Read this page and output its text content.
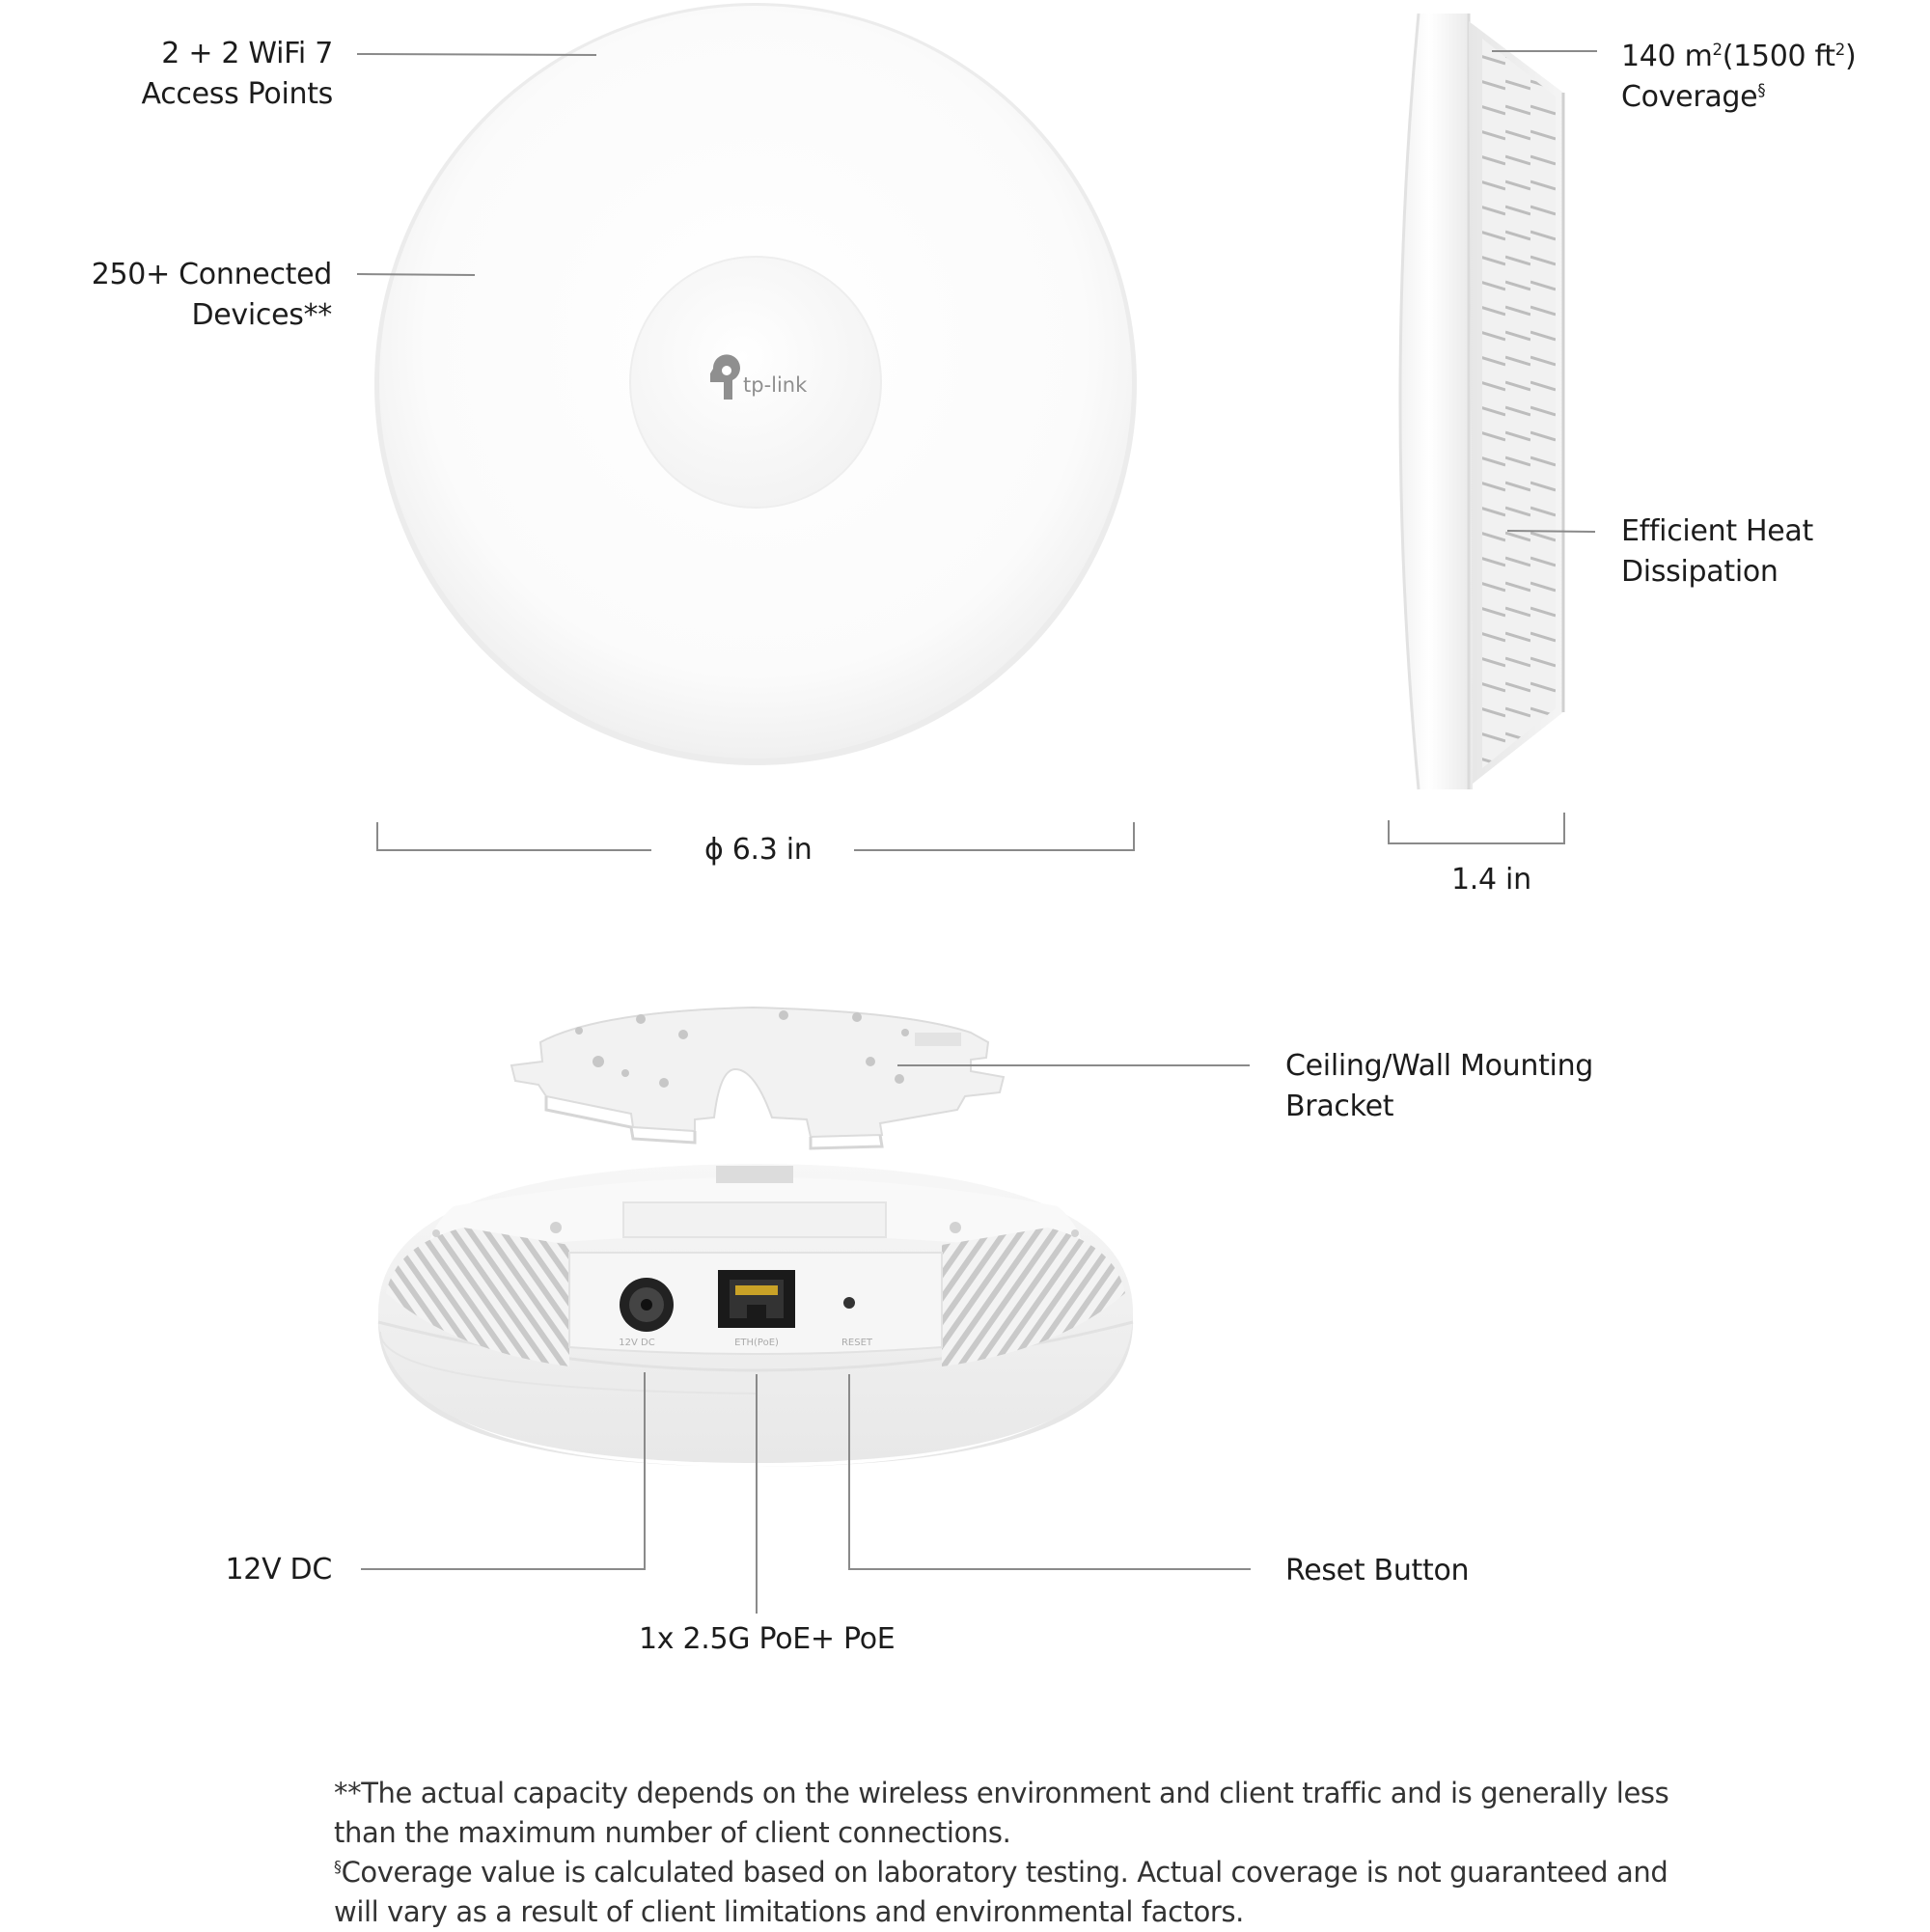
12V DC	ETH(PoE)	RESET
tp-link
2 + 2 WiFi 7
Access Points
250+ Connected
Devices**
140 $m^2(1500$ $ft^2$)
Coverage§
Efficient Heat
Dissipation
Ceiling/Wall Mounting
Bracket
12V DC	Reset Button
1x 2.5G PoE+ PoE
ϕ 6.3 in
1.4 in

**The actual capacity depends on the wireless environment and client traffic and is generally less than the maximum number of client connections.

§Coverage value is calculated based on laboratory testing. Actual coverage is not guaranteed and will vary as a result of client limitations and environmental factors.
